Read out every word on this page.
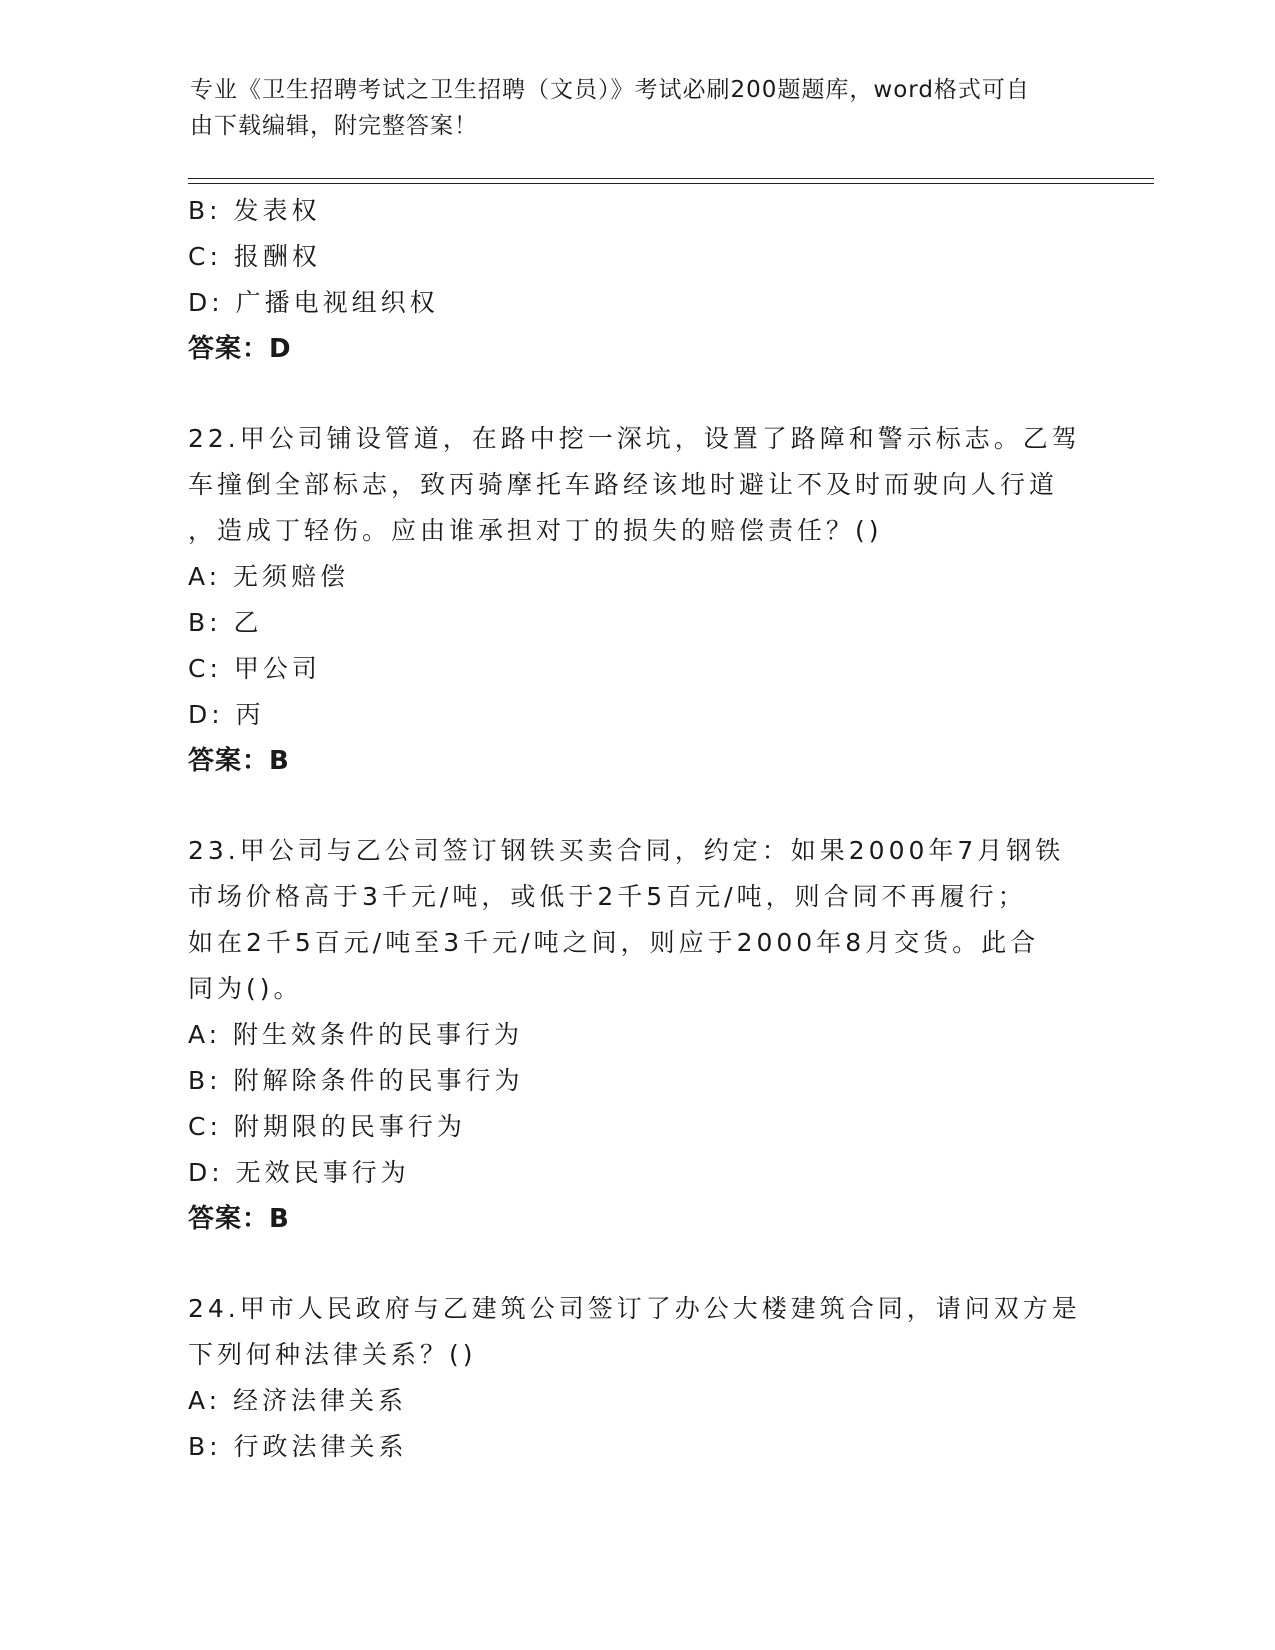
专业《卫生招聘考试之卫生招聘（文员）》考试必刷200题题库，word格式可自
由下载编辑，附完整答案！
B: 发表权
C: 报酬权
D: 广播电视组织权
答案：D
22.甲公司铺设管道，在路中挖一深坑，设置了路障和警示标志。乙驾
车撞倒全部标志，致丙骑摩托车路经该地时避让不及时而驶向人行道
，造成丁轻伤。应由谁承担对丁的损失的赔偿责任？()
A: 无须赔偿
B: 乙
C: 甲公司
D: 丙
答案：B
23.甲公司与乙公司签订钢铁买卖合同，约定：如果2000年7月钢铁
市场价格高于3千元/吨，或低于2千5百元/吨，则合同不再履行；
如在2千5百元/吨至3千元/吨之间，则应于2000年8月交货。此合
同为()。
A: 附生效条件的民事行为
B: 附解除条件的民事行为
C: 附期限的民事行为
D: 无效民事行为
答案：B
24.甲市人民政府与乙建筑公司签订了办公大楼建筑合同，请问双方是
下列何种法律关系？()
A: 经济法律关系
B: 行政法律关系
